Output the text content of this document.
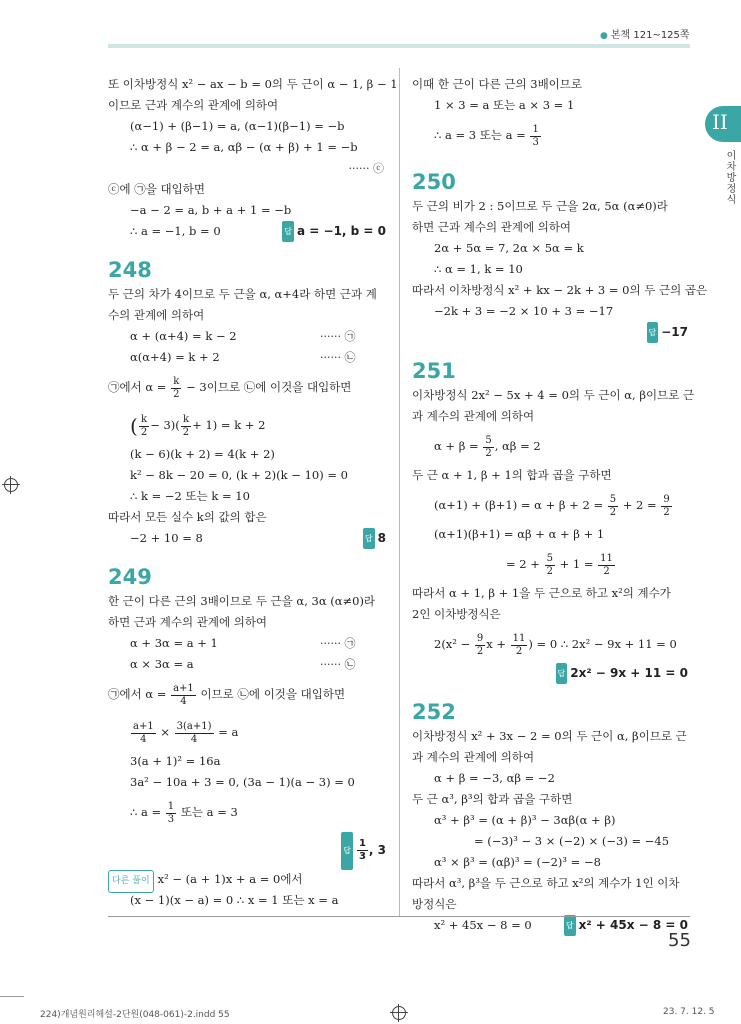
● 본책 121~125쪽
II
이차방정식
또 이차방정식 x² − ax − b = 0의 두 근이 α − 1, β − 1
이므로 근과 계수의 관계에 의하여
(α−1) + (β−1) = a, (α−1)(β−1) = −b
∴ α + β − 2 = a, αβ − (α + β) + 1 = −b
······ ⓒ
ⓒ에 ㉠을 대입하면
−a − 2 = a, b + a + 1 = −b
∴ a = −1, b = 0	답 a = −1, b = 0
248
두 근의 차가 4이므로 두 근을 α, α+4라 하면 근과 계
수의 관계에 의하여
α + (α+4) = k − 2	······ ㉠
α(α+4) = k + 2	······ ㉡
㉠에서 $\alpha = \frac{k}{2} - 3$이므로 ㉡에 이것을 대입하면
( $\frac{k}{2} - 3)( \frac{k}{2} + 1) = k + 2$
(k − 6)(k + 2) = 4(k + 2)
k² − 8k − 20 = 0, (k + 2)(k − 10) = 0
∴ k = −2 또는 k = 10
따라서 모든 실수 k의 값의 합은
−2 + 10 = 8	답 8
249
한 근이 다른 근의 3배이므로 두 근을 α, 3α (α≠0)라
하면 근과 계수의 관계에 의하여
α + 3α = a + 1	······ ㉠
α × 3α = a	······ ㉡
㉠에서 $\alpha = \frac{a+1}{4}$ 이므로 ㉡에 이것을 대입하면
$\frac{a+1}{4} \times \frac{3(a+1)}{4} = a$
3(a + 1)² = 16a
3a² − 10a + 3 = 0, (3a − 1)(a − 3) = 0
∴ $a = \frac{1}{3}$ 또는 a = 3
답 $\frac{1}{3}$ , 3
다른 풀이 x² − (a + 1)x + a = 0에서
(x − 1)(x − a) = 0 ∴ x = 1 또는 x = a
이때 한 근이 다른 근의 3배이므로
1 × 3 = a 또는 a × 3 = 1
∴ a = 3 또는 $a = \frac{1}{3}$
250
두 근의 비가 2 : 5이므로 두 근을 2α, 5α (α≠0)라
하면 근과 계수의 관계에 의하여
2α + 5α = 7, 2α × 5α = k
∴ α = 1, k = 10
따라서 이차방정식 x² + kx − 2k + 3 = 0의 두 근의 곱은
−2k + 3 = −2 × 10 + 3 = −17
답 −17
251
이차방정식 2x² − 5x + 4 = 0의 두 근이 α, β이므로 근
과 계수의 관계에 의하여
$\alpha + \beta = \frac{5}{2}$ , αβ = 2
두 근 α + 1, β + 1의 합과 곱을 구하면
$(\alpha+1) + (\beta+1) = \alpha + \beta + 2 = \frac{5}{2} + 2 = \frac{9}{2}$
(α+1)(β+1) = αβ + α + β + 1
= $2 + \frac{5}{2} + 1 = \frac{11}{2}$
따라서 α + 1, β + 1을 두 근으로 하고 x²의 계수가
2인 이차방정식은
$2(x^2 - \frac{9}{2}$ $x + \frac{11}{2}$ ) = 0 ∴ 2x² − 9x + 11 = 0
답 2x² − 9x + 11 = 0
252
이차방정식 x² + 3x − 2 = 0의 두 근이 α, β이므로 근
과 계수의 관계에 의하여
α + β = −3, αβ = −2
두 근 α³, β³의 합과 곱을 구하면
α³ + β³ = (α + β)³ − 3αβ(α + β)
= (−3)³ − 3 × (−2) × (−3) = −45
α³ × β³ = (αβ)³ = (−2)³ = −8
따라서 α³, β³을 두 근으로 하고 x²의 계수가 1인 이차
방정식은
x² + 45x − 8 = 0	답 x² + 45x − 8 = 0
55
224)개념원리해설-2단원(048-061)-2.indd 55	23. 7. 12. 5
